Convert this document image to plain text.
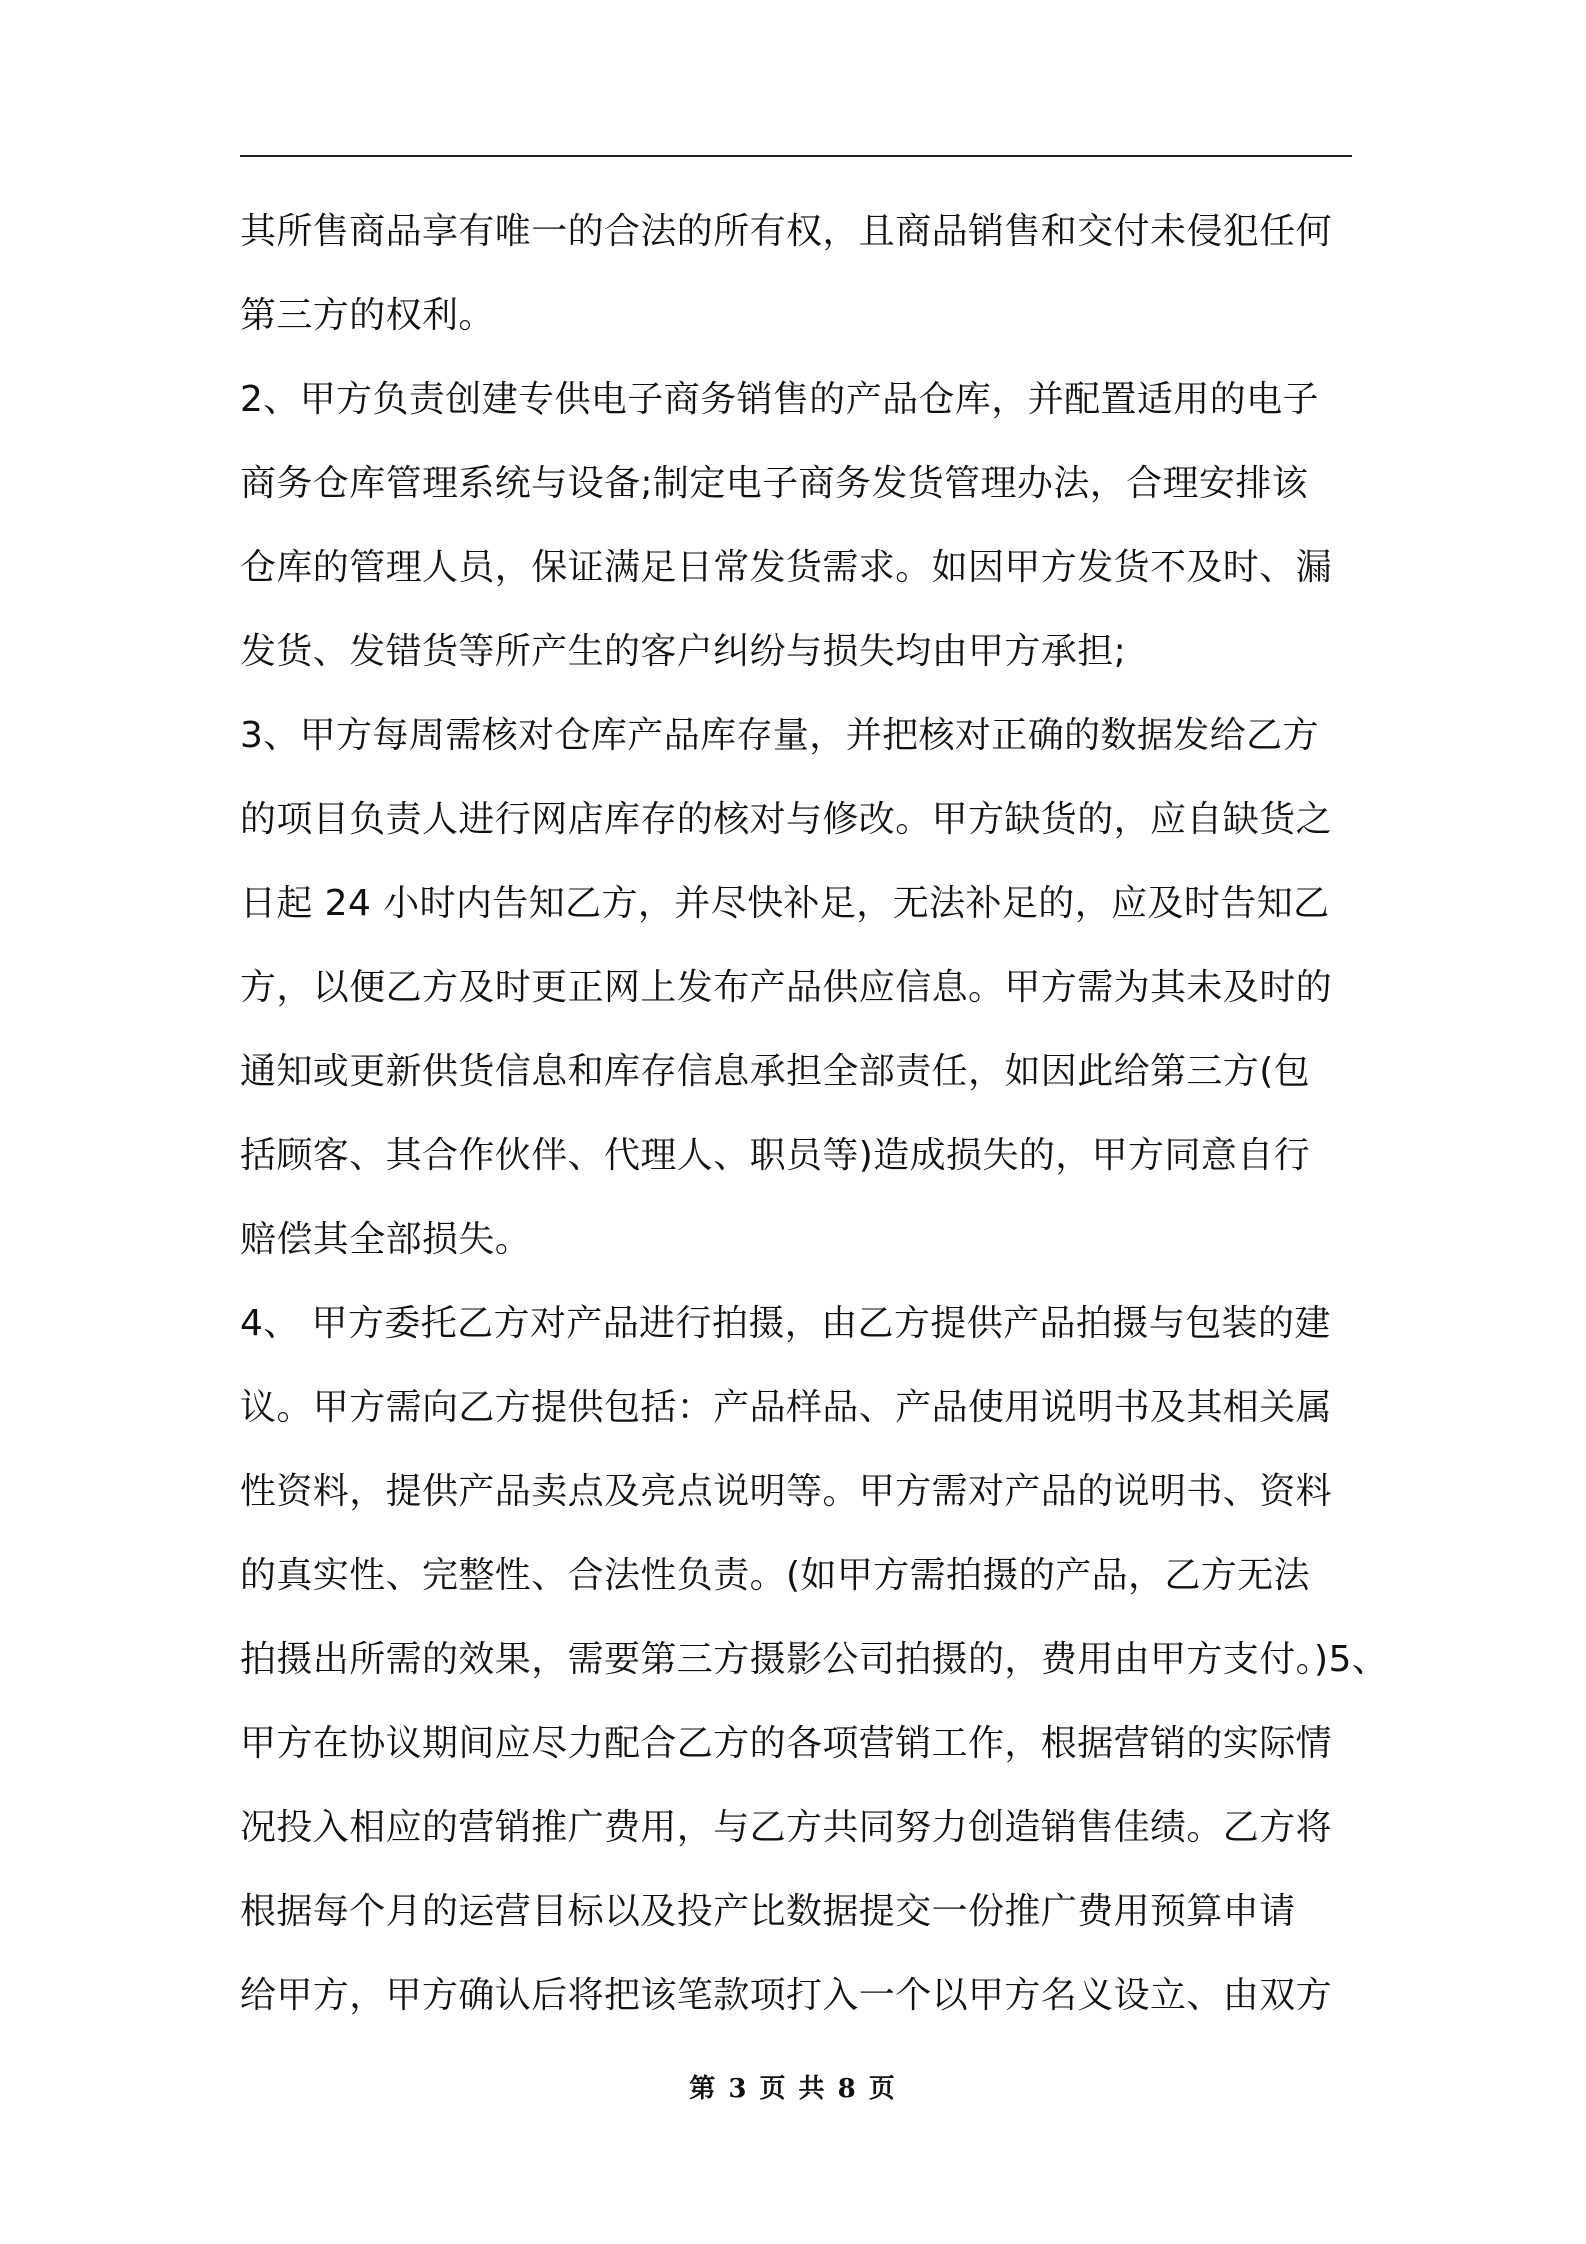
其所售商品享有唯一的合法的所有权，且商品销售和交付未侵犯任何
第三方的权利。
2、甲方负责创建专供电子商务销售的产品仓库，并配置适用的电子
商务仓库管理系统与设备;制定电子商务发货管理办法，合理安排该
仓库的管理人员，保证满足日常发货需求。如因甲方发货不及时、漏
发货、发错货等所产生的客户纠纷与损失均由甲方承担;
3、甲方每周需核对仓库产品库存量，并把核对正确的数据发给乙方
的项目负责人进行网店库存的核对与修改。甲方缺货的，应自缺货之
日起 24 小时内告知乙方，并尽快补足，无法补足的，应及时告知乙
方，以便乙方及时更正网上发布产品供应信息。甲方需为其未及时的
通知或更新供货信息和库存信息承担全部责任，如因此给第三方(包
括顾客、其合作伙伴、代理人、职员等)造成损失的，甲方同意自行
赔偿其全部损失。
4、 甲方委托乙方对产品进行拍摄，由乙方提供产品拍摄与包装的建
议。甲方需向乙方提供包括：产品样品、产品使用说明书及其相关属
性资料，提供产品卖点及亮点说明等。甲方需对产品的说明书、资料
的真实性、完整性、合法性负责。(如甲方需拍摄的产品，乙方无法
拍摄出所需的效果，需要第三方摄影公司拍摄的，费用由甲方支付。)5、
甲方在协议期间应尽力配合乙方的各项营销工作，根据营销的实际情
况投入相应的营销推广费用，与乙方共同努力创造销售佳绩。乙方将
根据每个月的运营目标以及投产比数据提交一份推广费用预算申请
给甲方，甲方确认后将把该笔款项打入一个以甲方名义设立、由双方
第 3 页 共 8 页
